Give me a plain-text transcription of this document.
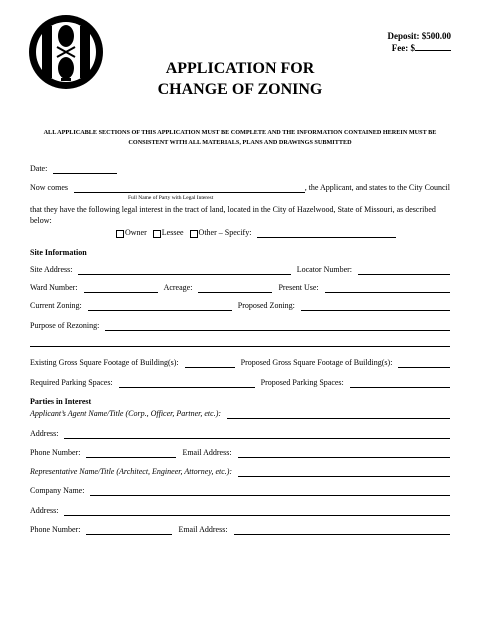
Deposit: $500.00
Fee: $
APPLICATION FOR
CHANGE OF ZONING
ALL APPLICABLE SECTIONS OF THIS APPLICATION MUST BE COMPLETE AND THE INFORMATION CONTAINED HEREIN MUST BE CONSISTENT WITH ALL MATERIALS, PLANS AND DRAWINGS SUBMITTED
Date:
Now comes	, the Applicant, and states to the City Council
Full Name of Party with Legal Interest
that they have the following legal interest in the tract of land, located in the City of Hazelwood, State of Missouri, as described below:
Owner Lessee Other – Specify:
Site Information
Site Address:	Locator Number:
Ward Number:	Acreage:	Present Use:
Current Zoning:	Proposed Zoning:
Purpose of Rezoning:
Existing Gross Square Footage of Building(s):	Proposed Gross Square Footage of Building(s):
Required Parking Spaces:	Proposed Parking Spaces:
Parties in Interest
Applicant’s Agent Name/Title (Corp., Officer, Partner, etc.):
Address:
Phone Number:	Email Address:
Representative Name/Title (Architect, Engineer, Attorney, etc.):
Company Name:
Address:
Phone Number:	Email Address:
